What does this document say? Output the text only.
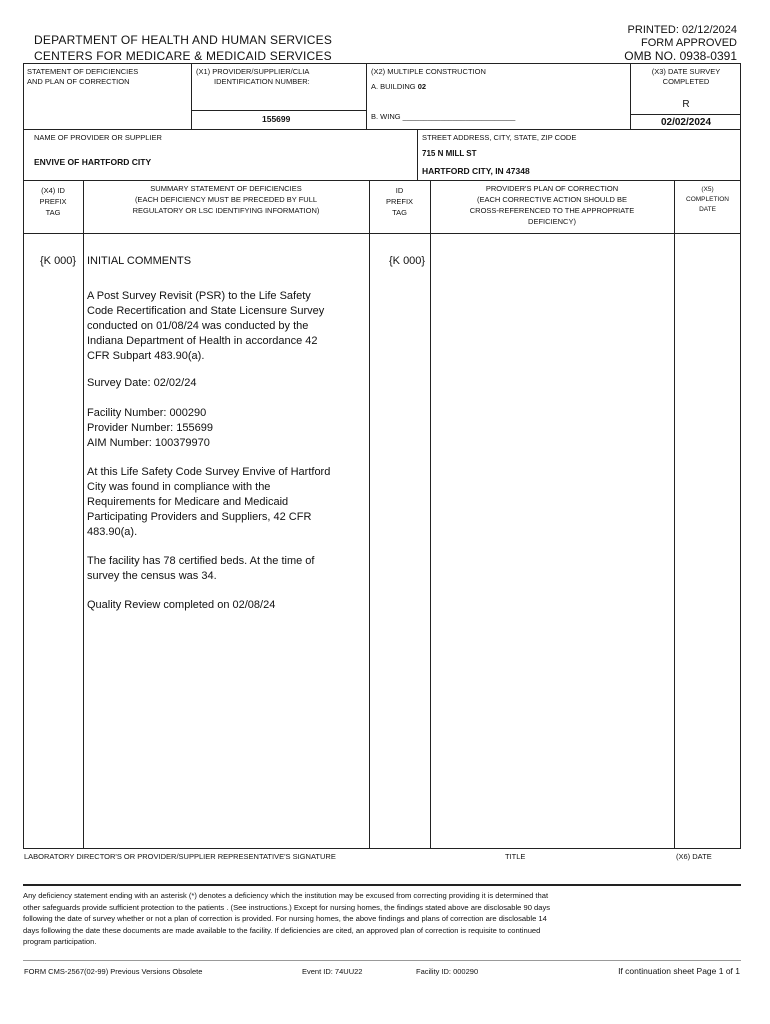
DEPARTMENT OF HEALTH AND HUMAN SERVICES
CENTERS FOR MEDICARE & MEDICAID SERVICES
PRINTED: 02/12/2024
FORM APPROVED
OMB NO. 0938-0391
STATEMENT OF DEFICIENCIES
AND PLAN OF CORRECTION
(X1) PROVIDER/SUPPLIER/CLIA
IDENTIFICATION NUMBER:
155699
(X2) MULTIPLE CONSTRUCTION
A. BUILDING 02
B. WING ___________________________
(X3) DATE SURVEY
COMPLETED
R
02/02/2024
NAME OF PROVIDER OR SUPPLIER
ENVIVE OF HARTFORD CITY
STREET ADDRESS, CITY, STATE, ZIP CODE
715 N MILL ST
HARTFORD CITY, IN 47348
(X4) ID
PREFIX
TAG
SUMMARY STATEMENT OF DEFICIENCIES
(EACH DEFICIENCY MUST BE PRECEDED BY FULL
REGULATORY OR LSC IDENTIFYING INFORMATION)
ID
PREFIX
TAG
PROVIDER'S PLAN OF CORRECTION
(EACH CORRECTIVE ACTION SHOULD BE
CROSS-REFERENCED TO THE APPROPRIATE
DEFICIENCY)
(X5)
COMPLETION
DATE
{K 000} INITIAL COMMENTS	{K 000}
A Post Survey Revisit (PSR) to the Life Safety
Code Recertification and State Licensure Survey
conducted on 01/08/24 was conducted by the
Indiana Department of Health in accordance 42
CFR Subpart 483.90(a).
Survey Date: 02/02/24
Facility Number: 000290
Provider Number: 155699
AIM Number: 100379970
At this Life Safety Code Survey Envive of Hartford
City was found in compliance with the
Requirements for Medicare and Medicaid
Participating Providers and Suppliers, 42 CFR
483.90(a).
The facility has 78 certified beds. At the time of
survey the census was 34.
Quality Review completed on 02/08/24
LABORATORY DIRECTOR'S OR PROVIDER/SUPPLIER REPRESENTATIVE'S SIGNATURE	TITLE	(X6) DATE
Any deficiency statement ending with an asterisk (*) denotes a deficiency which the institution may be excused from correcting providing it is determined that
other safeguards provide sufficient protection to the patients . (See instructions.) Except for nursing homes, the findings stated above are disclosable 90 days
following the date of survey whether or not a plan of correction is provided. For nursing homes, the above findings and plans of correction are disclosable 14
days following the date these documents are made available to the facility. If deficiencies are cited, an approved plan of correction is requisite to continued
program participation.
FORM CMS-2567(02-99) Previous Versions Obsolete	Event ID: 74UU22	Facility ID: 000290	If continuation sheet Page 1 of 1
